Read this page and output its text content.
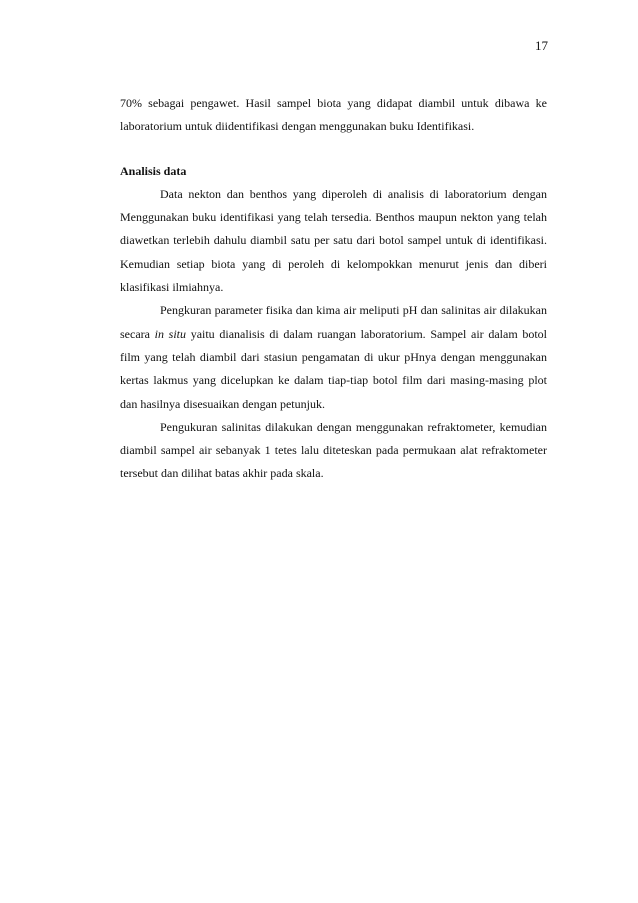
17

70% sebagai pengawet. Hasil sampel biota yang didapat diambil untuk dibawa ke laboratorium untuk diidentifikasi dengan menggunakan buku Identifikasi.

Analisis data

Data nekton dan benthos yang diperoleh di analisis di laboratorium dengan Menggunakan buku identifikasi yang telah tersedia. Benthos maupun nekton yang telah diawetkan terlebih dahulu diambil satu per satu dari botol sampel untuk di identifikasi. Kemudian setiap biota yang di peroleh di kelompokkan menurut jenis dan diberi klasifikasi ilmiahnya.

Pengkuran parameter fisika dan kima air meliputi pH dan salinitas air dilakukan secara in situ yaitu dianalisis di dalam ruangan laboratorium. Sampel air dalam botol film yang telah diambil dari stasiun pengamatan di ukur pHnya dengan menggunakan kertas lakmus yang dicelupkan ke dalam tiap-tiap botol film dari masing-masing plot dan hasilnya disesuaikan dengan petunjuk.

Pengukuran salinitas dilakukan dengan menggunakan refraktometer, kemudian diambil sampel air sebanyak 1 tetes lalu diteteskan pada permukaan alat refraktometer tersebut dan dilihat batas akhir pada skala.
